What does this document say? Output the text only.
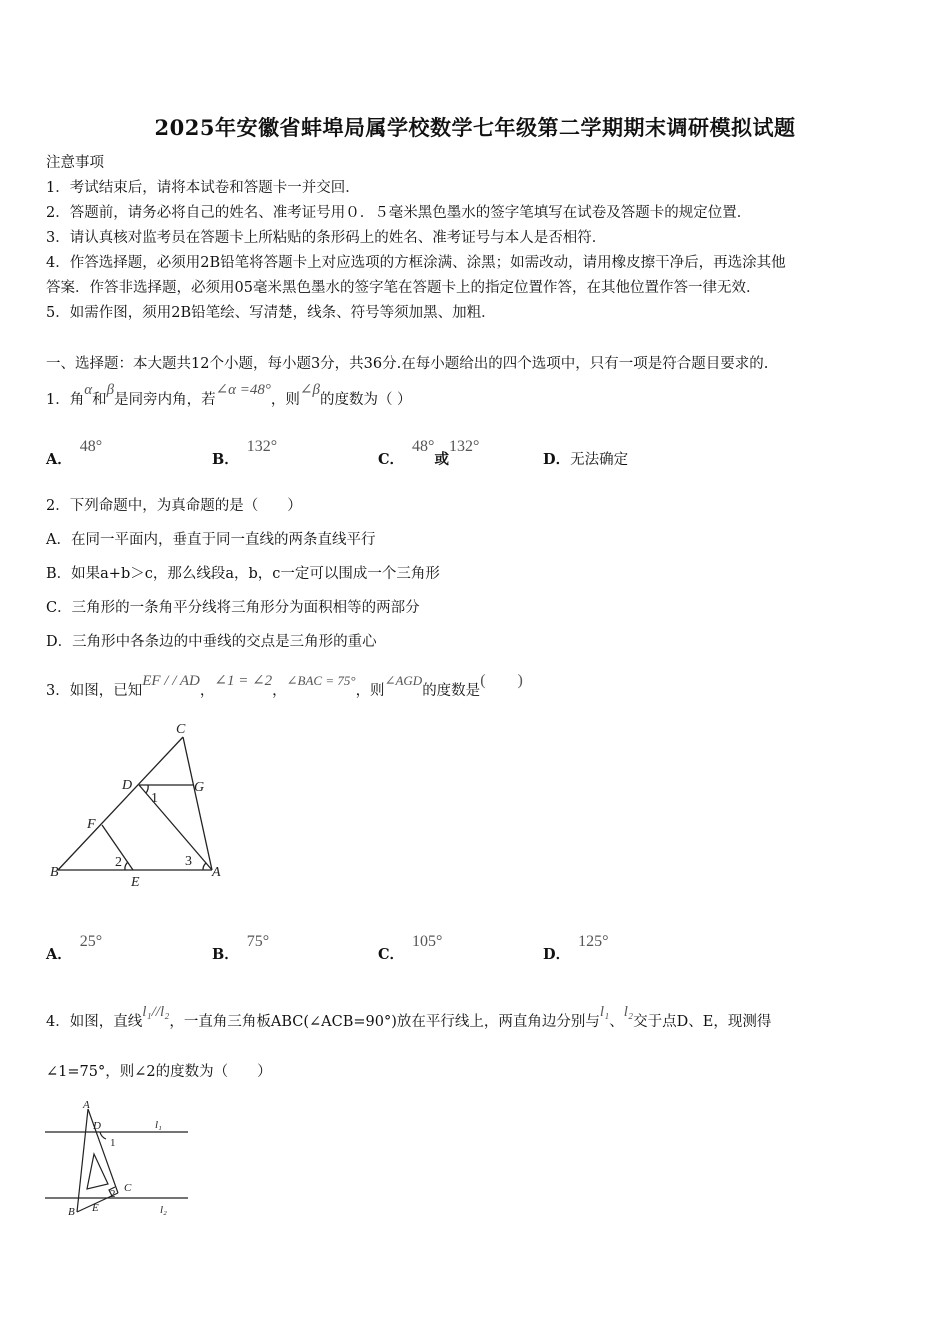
2025年安徽省蚌埠局属学校数学七年级第二学期期末调研模拟试题
注意事项
1．考试结束后，请将本试卷和答题卡一并交回．
2．答题前，请务必将自己的姓名、准考证号用０．５毫米黑色墨水的签字笔填写在试卷及答题卡的规定位置．
3．请认真核对监考员在答题卡上所粘贴的条形码上的姓名、准考证号与本人是否相符．
4．作答选择题，必须用2B铅笔将答题卡上对应选项的方框涂满、涂黑；如需改动，请用橡皮擦干净后，再选涂其他
答案．作答非选择题，必须用05毫米黑色墨水的签字笔在答题卡上的指定位置作答，在其他位置作答一律无效．
5．如需作图，须用2B铅笔绘、写清楚，线条、符号等须加黑、加粗．
一、选择题：本大题共12个小题，每小题3分，共36分.在每小题给出的四个选项中，只有一项是符合题目要求的.
1．角α和β是同旁内角，若∠α =48°，则∠β的度数为（ ）
A．48°
B．132°
C．48°或132°
D．无法确定
2．下列命题中，为真命题的是（　　）
A．在同一平面内，垂直于同一直线的两条直线平行
B．如果a+b＞c，那么线段a，b，c一定可以围成一个三角形
C．三角形的一条角平分线将三角形分为面积相等的两部分
D．三角形中各条边的中垂线的交点是三角形的重心
3．如图，已知EF / / AD，∠1 = ∠2，∠BAC = 75°，则∠AGD的度数是(　　)
C
D	G
1
F
2	3
B
E
A
A．25°
B．75°
C．105°
D．125°
4．如图，直线l₁//l₂，一直角三角板ABC(∠ACB=90°)放在平行线上，两直角边分别与l₁、l₂交于点D、E，现测得
∠1=75°，则∠2的度数为（　　）
A
D
1
l₁
C
2
B E	l₂
